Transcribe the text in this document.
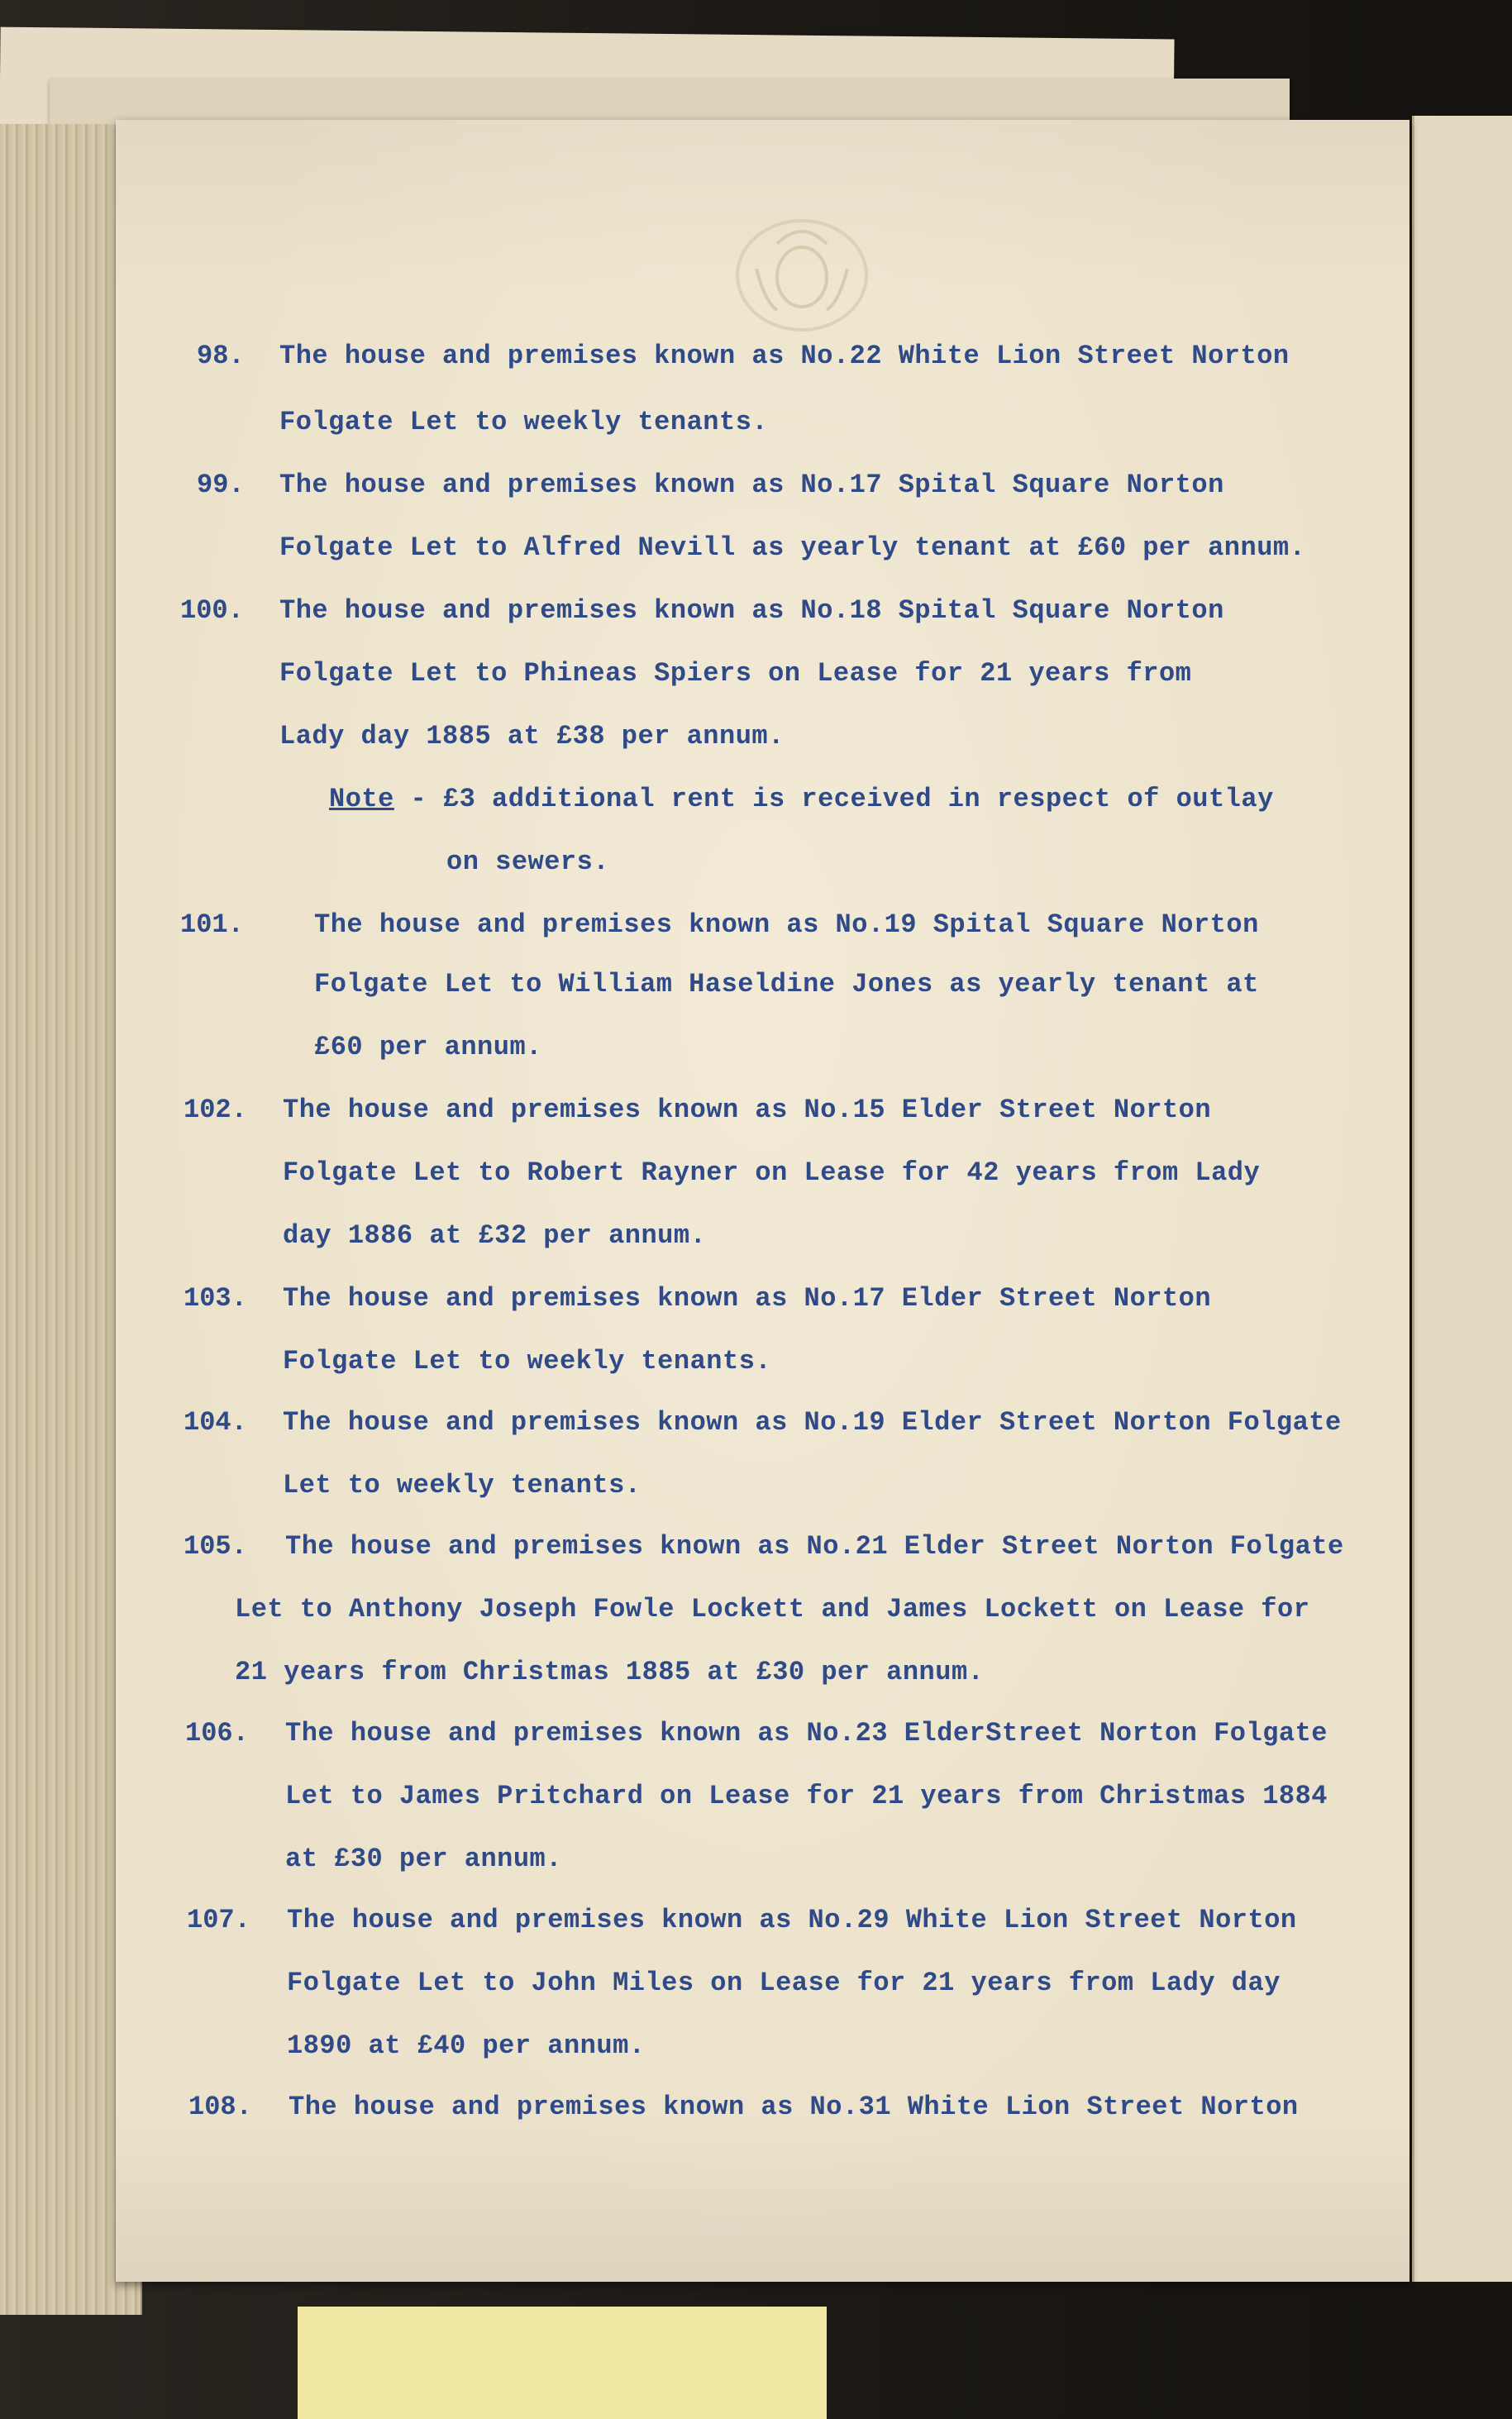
98. The house and premises known as No.22 White Lion Street Norton
Folgate Let to weekly tenants.
99. The house and premises known as No.17 Spital Square Norton
Folgate Let to Alfred Nevill as yearly tenant at £60 per annum.
100. The house and premises known as No.18 Spital Square Norton
Folgate Let to Phineas Spiers on Lease for 21 years from
Lady day 1885 at £38 per annum.
Note - £3 additional rent is received in respect of outlay
on sewers.
101.	The house and premises known as No.19 Spital Square Norton
Folgate Let to William Haseldine Jones as yearly tenant at
£60 per annum.
102. The house and premises known as No.15 Elder Street Norton
Folgate Let to Robert Rayner on Lease for 42 years from Lady
day 1886 at £32 per annum.
103. The house and premises known as No.17 Elder Street Norton
Folgate Let to weekly tenants.
104. The house and premises known as No.19 Elder Street Norton Folgate
Let to weekly tenants.
105. The house and premises known as No.21 Elder Street Norton Folgate
Let to Anthony Joseph Fowle Lockett and James Lockett on Lease for
21 years from Christmas 1885 at £30 per annum.
106. The house and premises known as No.23 ElderStreet Norton Folgate
Let to James Pritchard on Lease for 21 years from Christmas 1884
at £30 per annum.
107. The house and premises known as No.29 White Lion Street Norton
Folgate Let to John Miles on Lease for 21 years from Lady day
1890 at £40 per annum.
108. The house and premises known as No.31 White Lion Street Norton
